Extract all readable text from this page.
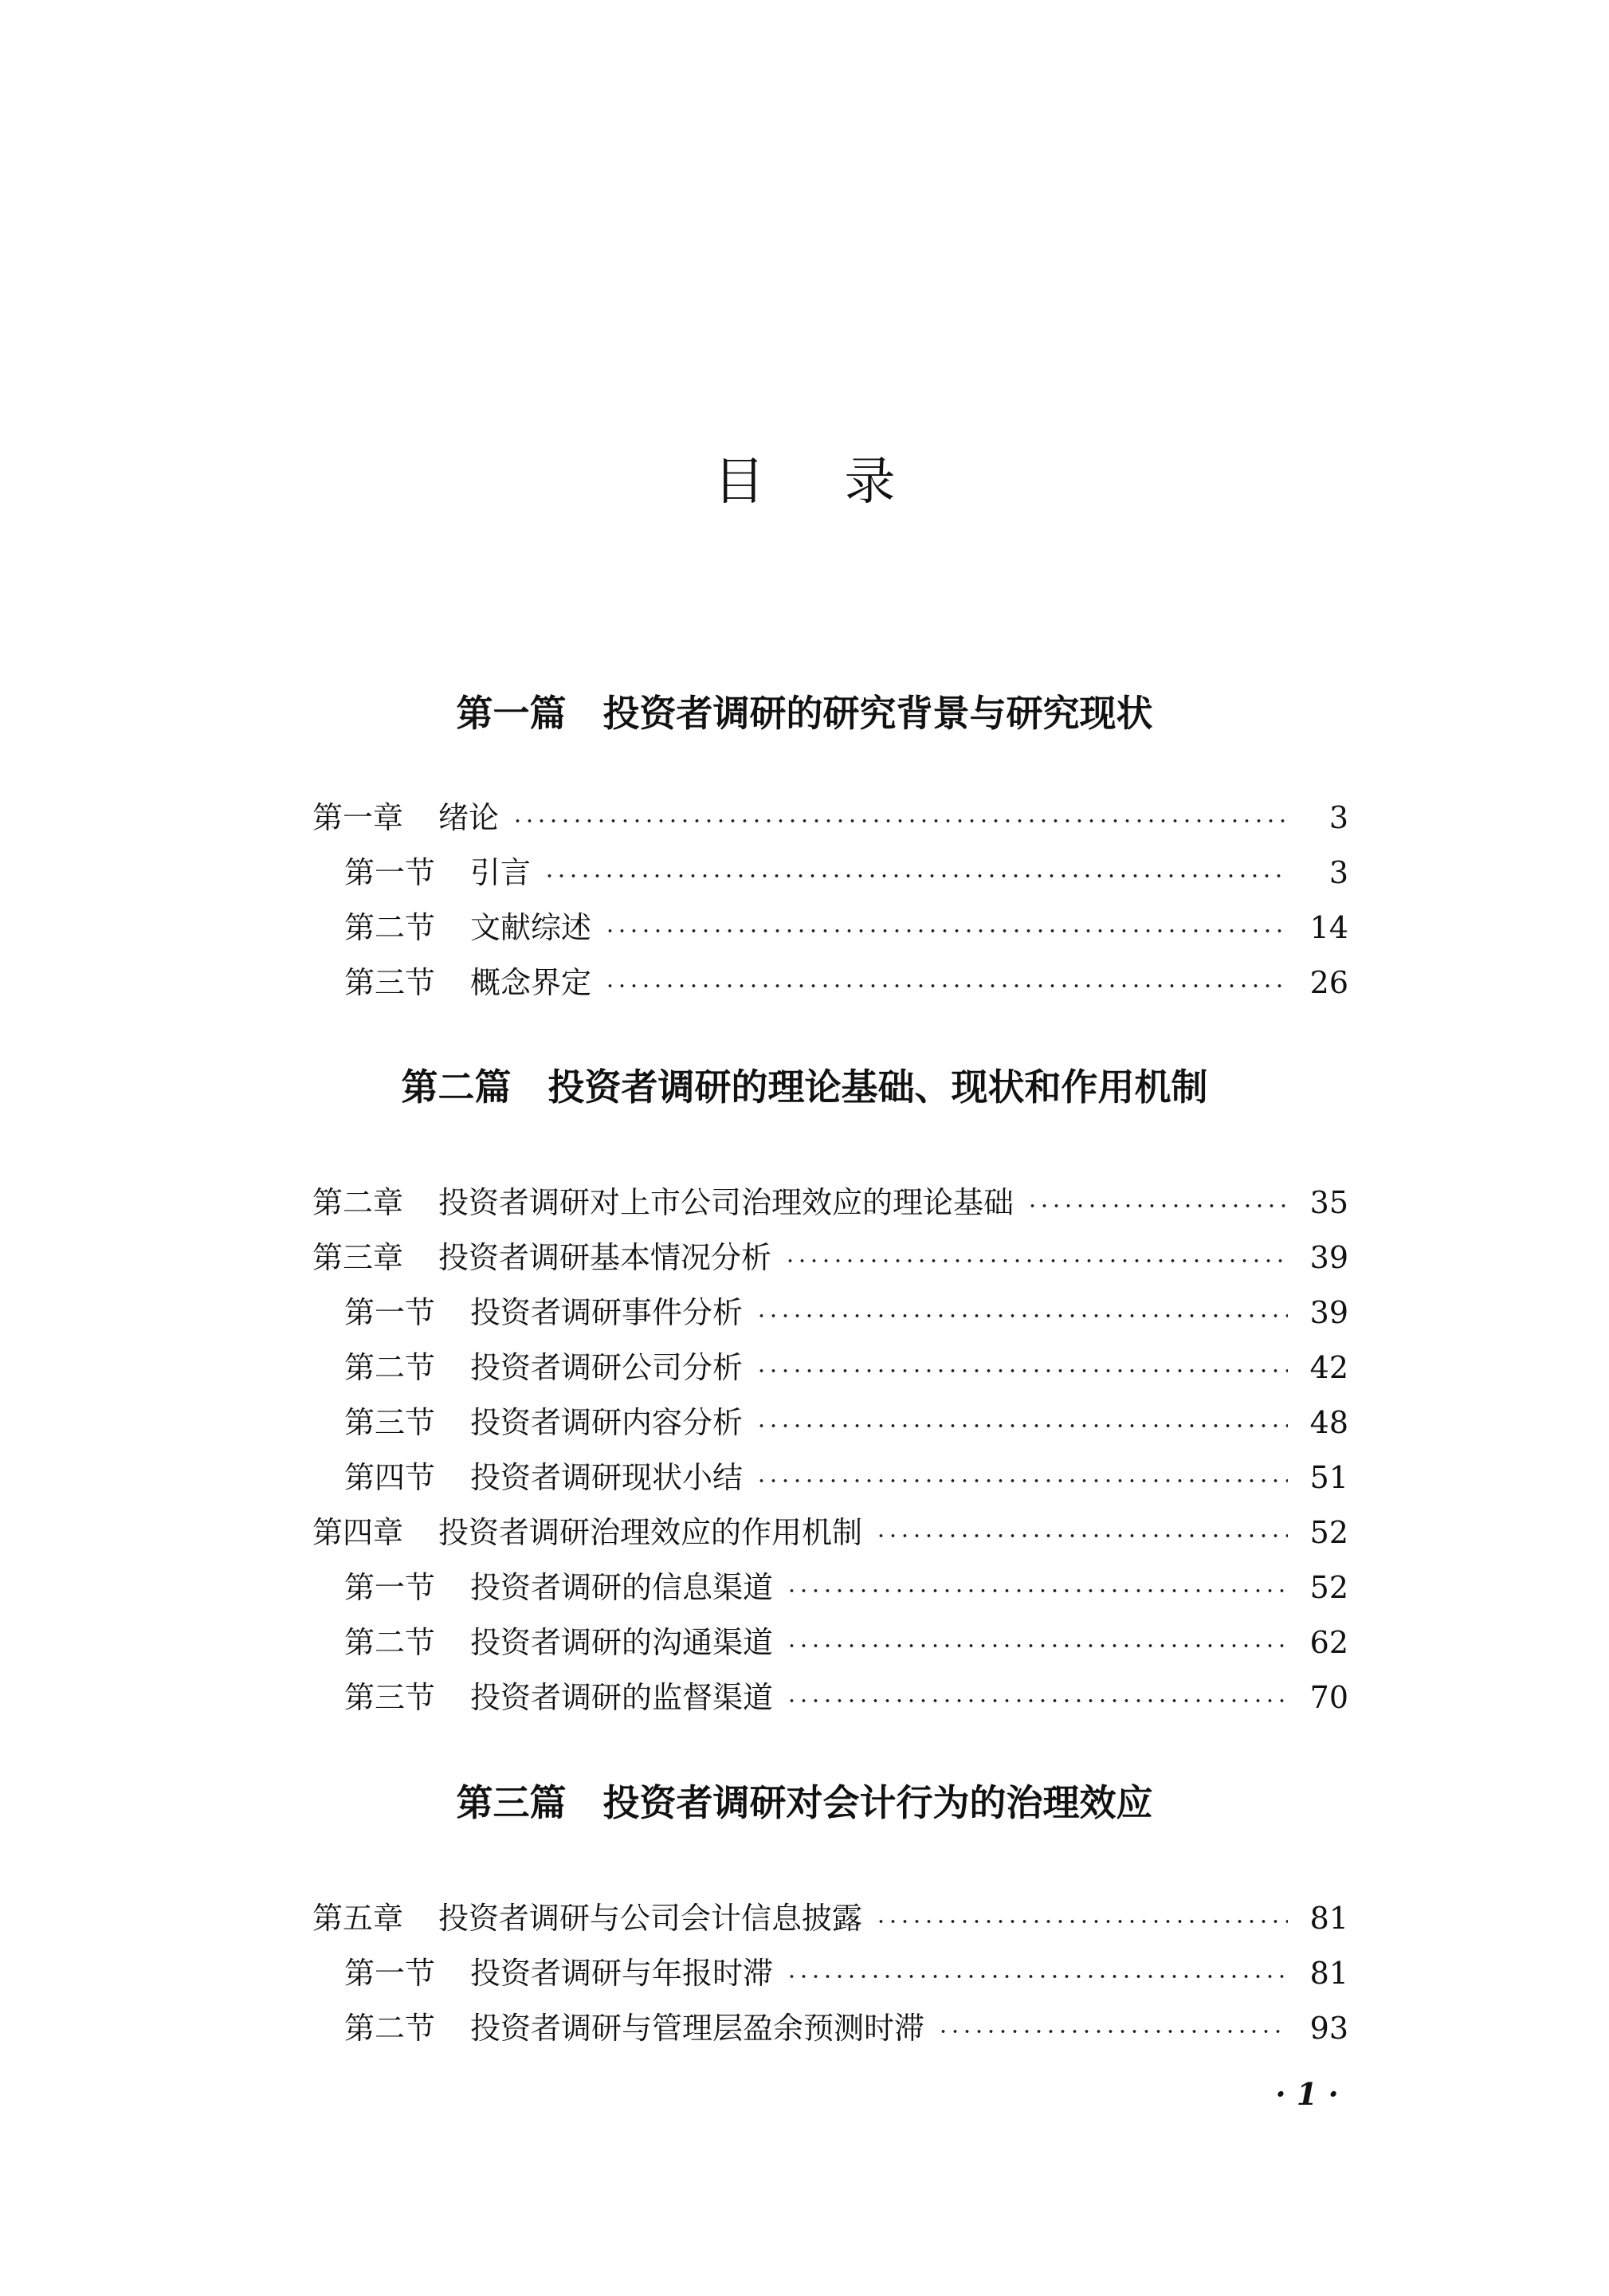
目录
第一篇　投资者调研的研究背景与研究现状
第一章 绪论	3
第一节 引言	3
第二节 文献综述	14
第三节 概念界定	26
第二篇　投资者调研的理论基础、现状和作用机制
第二章 投资者调研对上市公司治理效应的理论基础	35
第三章 投资者调研基本情况分析	39
第一节 投资者调研事件分析	39
第二节 投资者调研公司分析	42
第三节 投资者调研内容分析	48
第四节 投资者调研现状小结	51
第四章 投资者调研治理效应的作用机制	52
第一节 投资者调研的信息渠道	52
第二节 投资者调研的沟通渠道	62
第三节 投资者调研的监督渠道	70
第三篇　投资者调研对会计行为的治理效应
第五章 投资者调研与公司会计信息披露	81
第一节 投资者调研与年报时滞	81
第二节 投资者调研与管理层盈余预测时滞	93
· 1 ·
